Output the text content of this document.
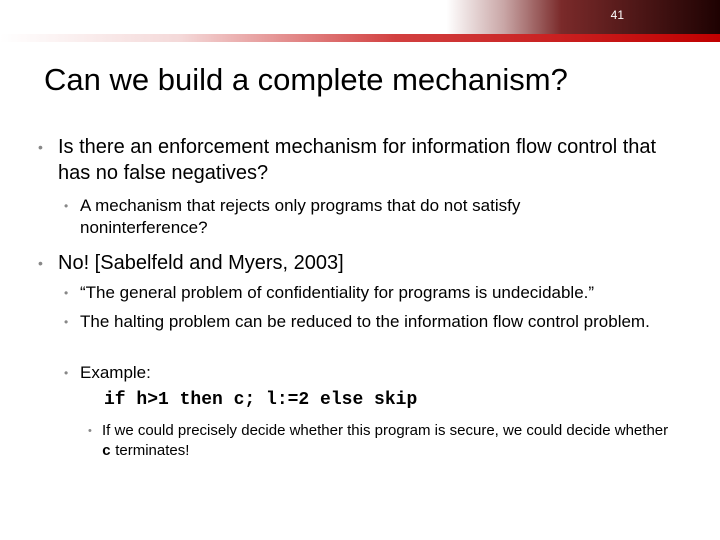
41
Can we build a complete mechanism?
• Is there an enforcement mechanism for information flow control that has no false negatives?
• A mechanism that rejects only programs that do not satisfy noninterference?
• No! [Sabelfeld and Myers, 2003]
• “The general problem of confidentiality for programs is undecidable.”
• The halting problem can be reduced to the information flow control problem.
• Example:
if h>1 then c; l:=2 else skip
• If we could precisely decide whether this program is secure, we could decide whether c terminates!
